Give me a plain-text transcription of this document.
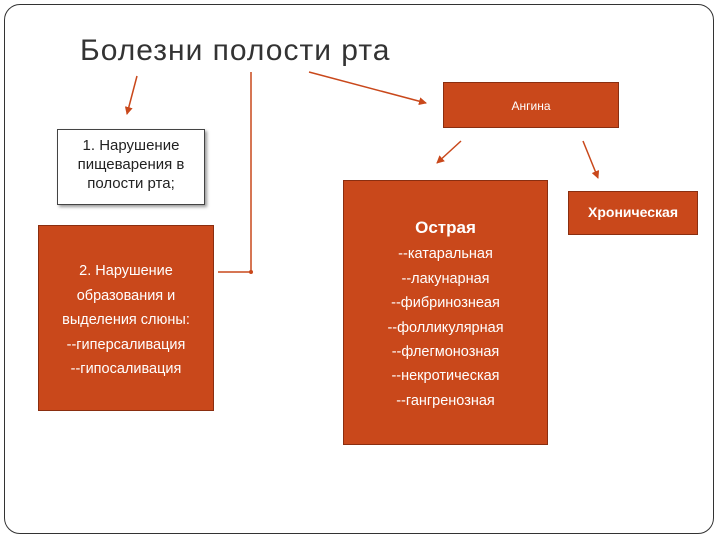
Болезни полости рта
1. Нарушение
пищеварения в
полости рта;
2. Нарушение
образования и
выделения слюны:
--гиперсаливация
--гипосаливация
Ангина
Острая
--катаральная
--лакунарная
--фибринознеая
--фолликулярная
--флегмонозная
--некротическая
--гангренозная
Хроническая
